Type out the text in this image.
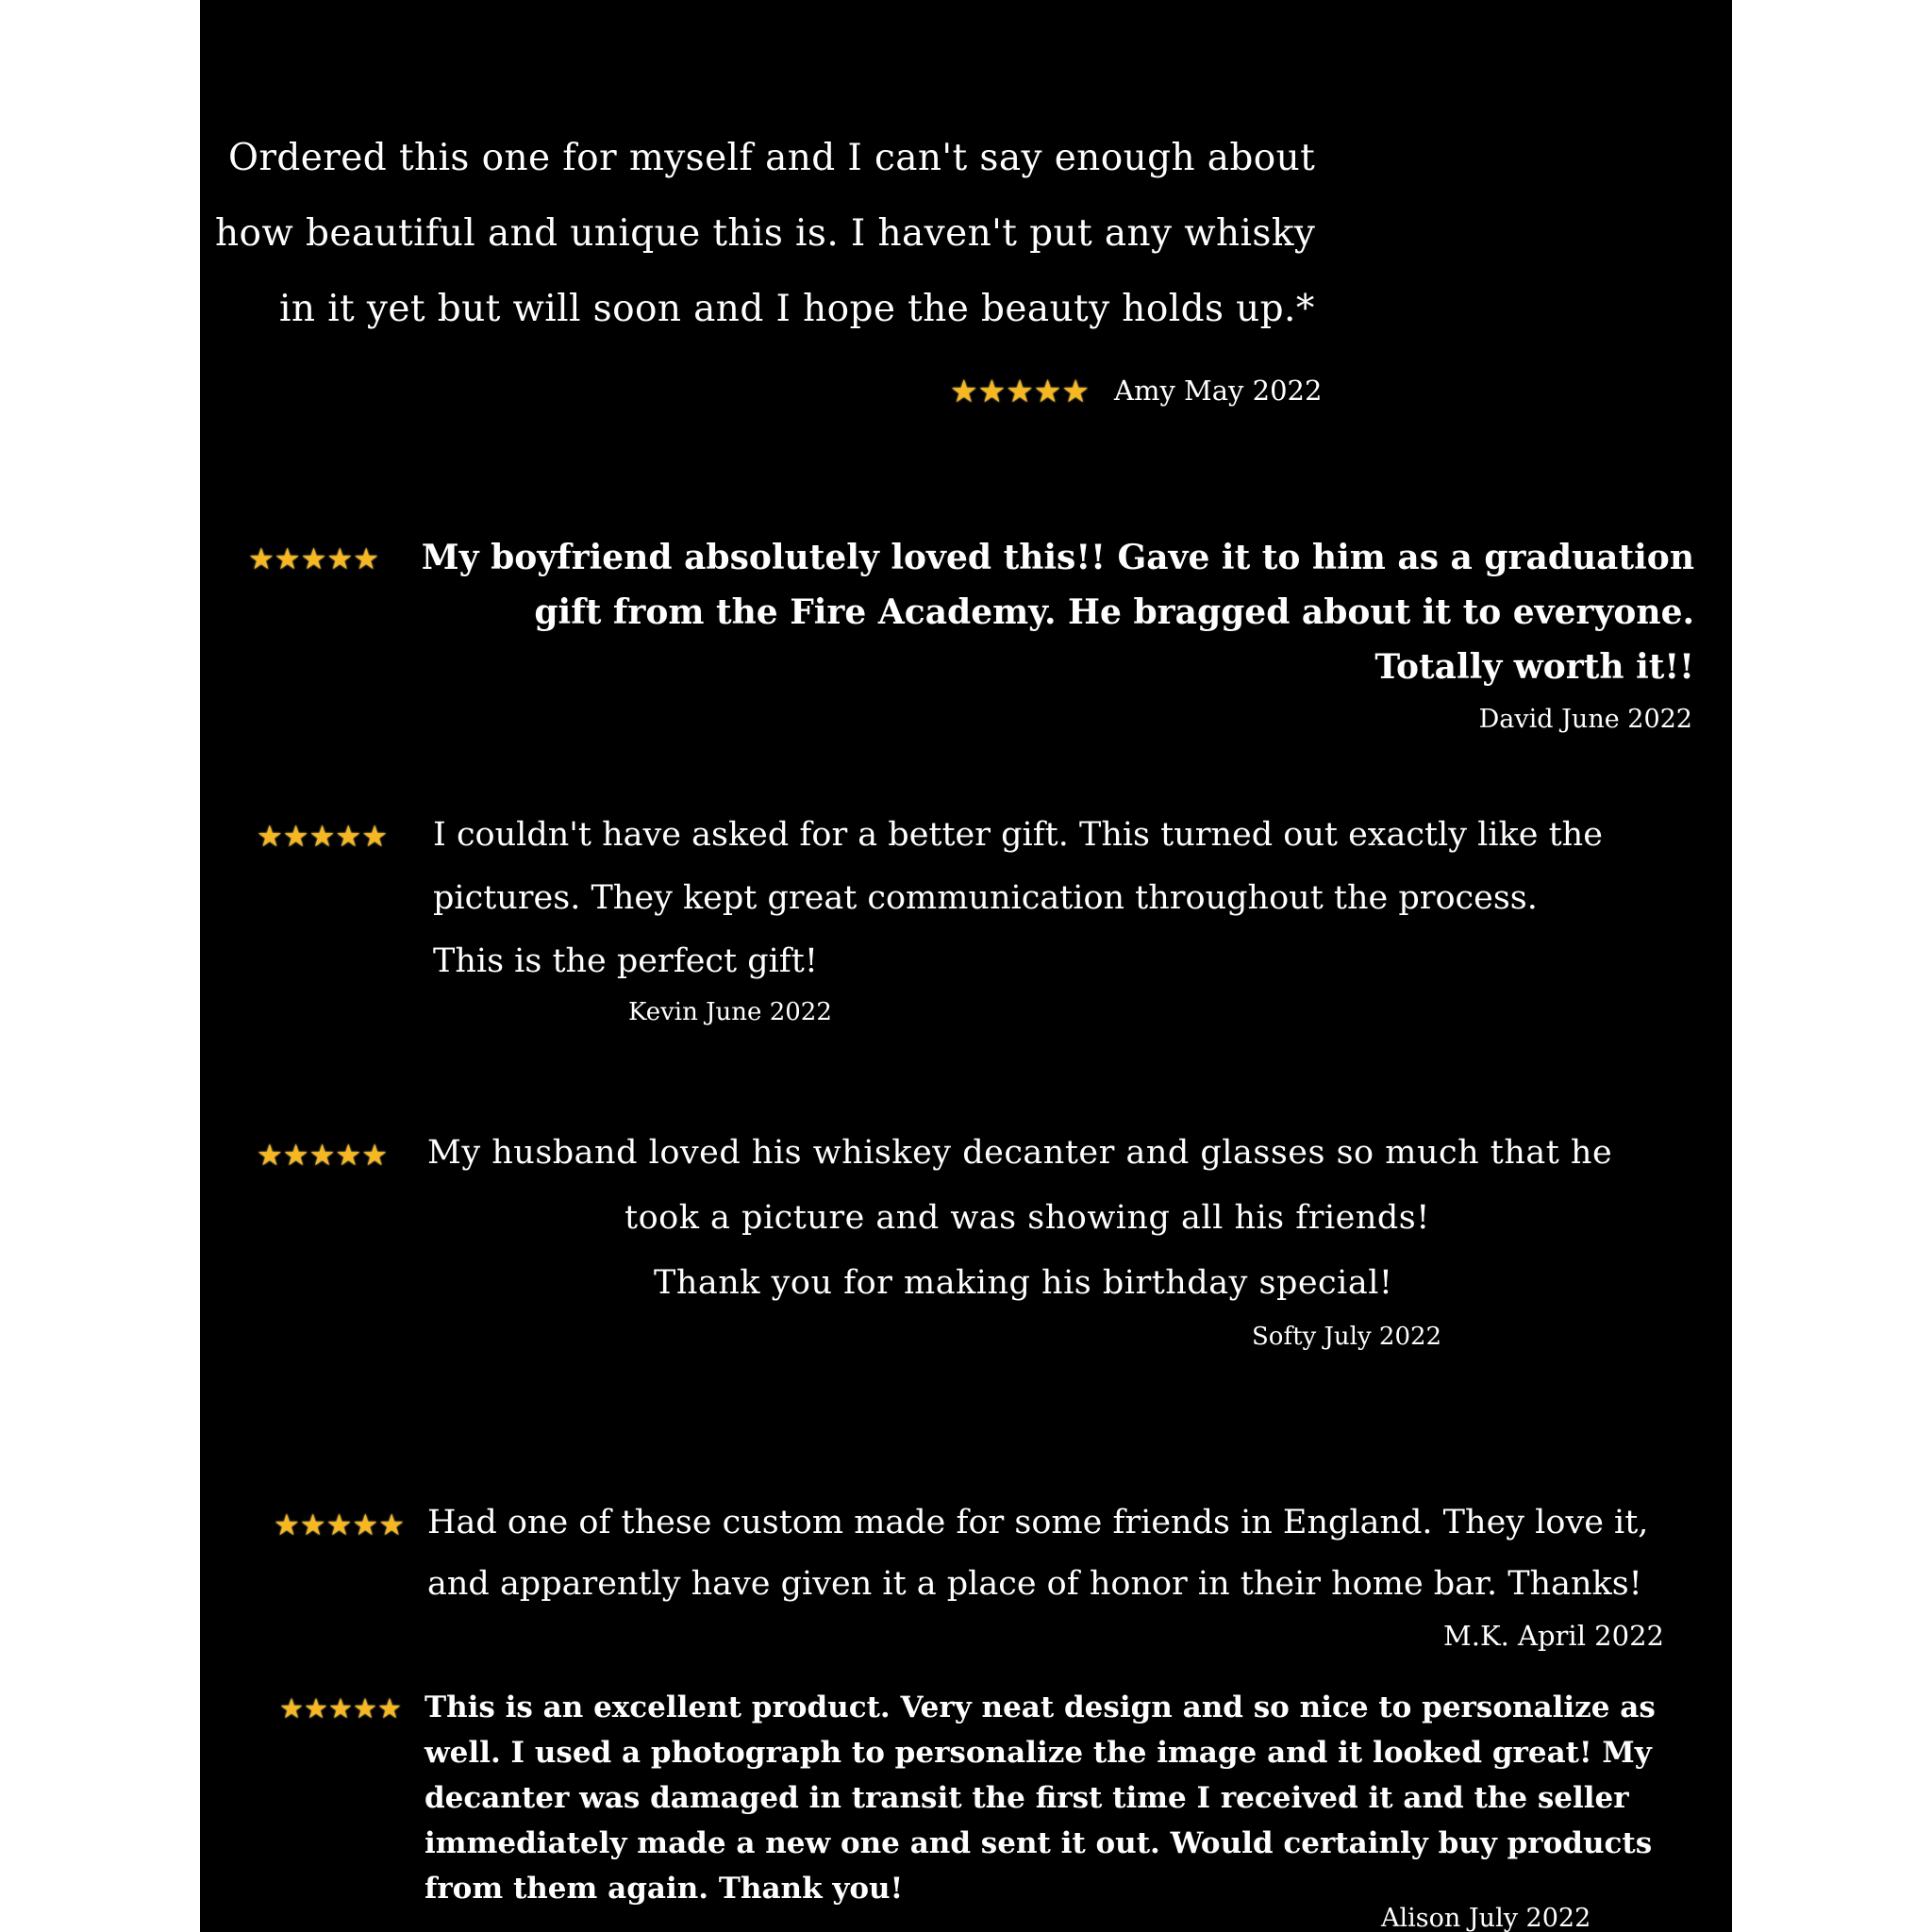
Ordered this one for myself and I can't say enough about
how beautiful and unique this is. I haven't put any whisky
in it yet but will soon and I hope the beauty holds up.*
★ ★ ★ ★ ★ Amy May 2022
★ ★ ★ ★ ★ My boyfriend absolutely loved this!! Gave it to him as a graduation
gift from the Fire Academy. He bragged about it to everyone.
Totally worth it!!
David June 2022
★ ★ ★ ★ ★ I couldn't have asked for a better gift. This turned out exactly like the
pictures. They kept great communication throughout the process.
This is the perfect gift!
Kevin June 2022
★ ★ ★ ★ ★ My husband loved his whiskey decanter and glasses so much that he
took a picture and was showing all his friends!
Thank you for making his birthday special!
Softy July 2022
★ ★ ★ ★ ★ Had one of these custom made for some friends in England. They love it,
and apparently have given it a place of honor in their home bar. Thanks!
M.K. April 2022
★ ★ ★ ★ ★ This is an excellent product. Very neat design and so nice to personalize as
well. I used a photograph to personalize the image and it looked great! My
decanter was damaged in transit the first time I received it and the seller
immediately made a new one and sent it out. Would certainly buy products
from them again. Thank you!
Alison July 2022
